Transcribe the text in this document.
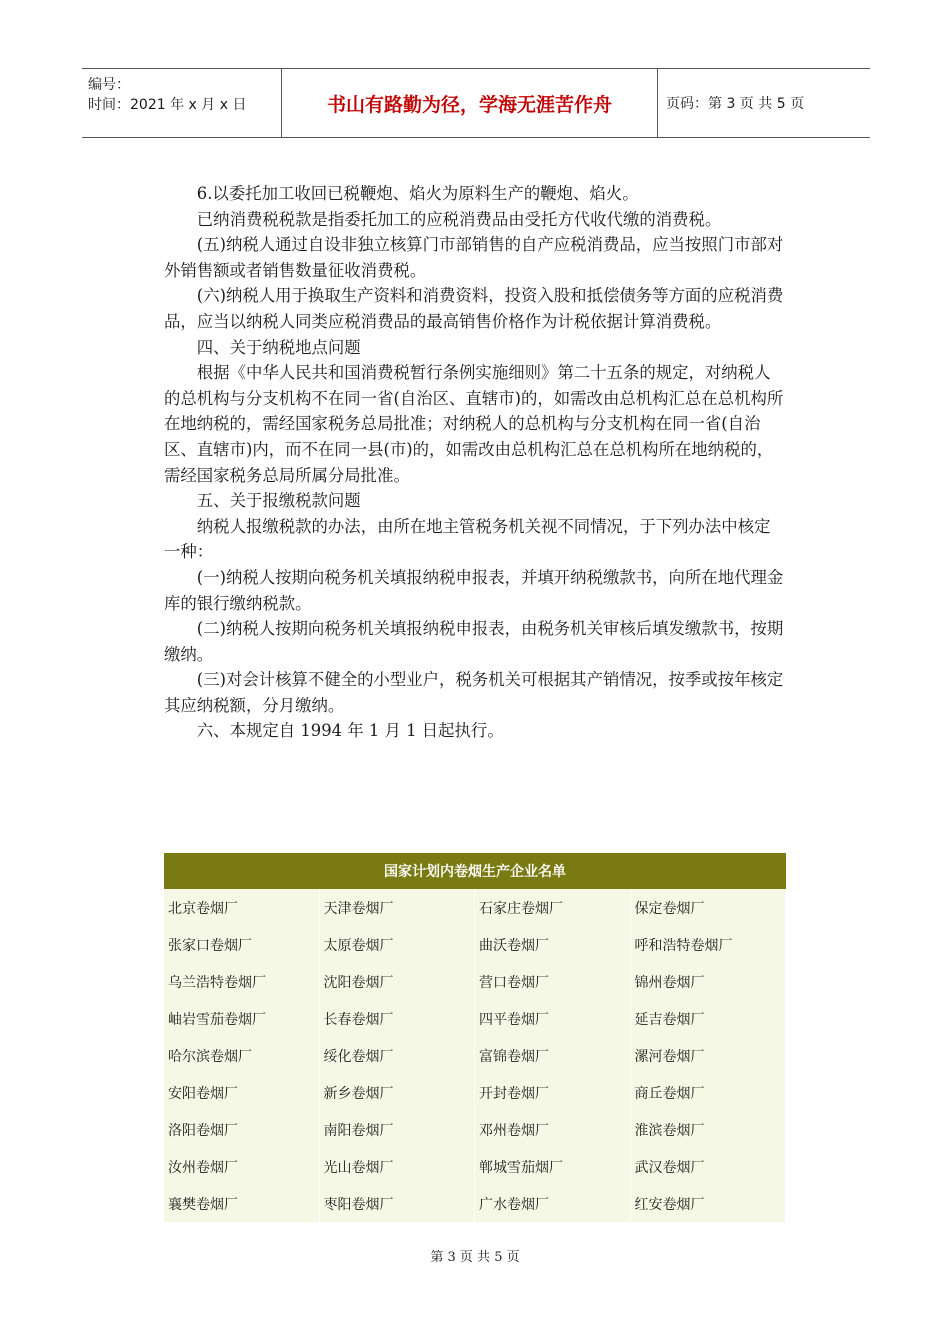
编号：
时间：2021 年 x 月 x 日	书山有路勤为径，学海无涯苦作舟	页码：第 3 页 共 5 页

6.以委托加工收回已税鞭炮、焰火为原料生产的鞭炮、焰火。

已纳消费税税款是指委托加工的应税消费品由受托方代收代缴的消费税。

(五)纳税人通过自设非独立核算门市部销售的自产应税消费品，应当按照门市部对外销售额或者销售数量征收消费税。

(六)纳税人用于换取生产资料和消费资料，投资入股和抵偿债务等方面的应税消费品，应当以纳税人同类应税消费品的最高销售价格作为计税依据计算消费税。

四、关于纳税地点问题

根据《中华人民共和国消费税暂行条例实施细则》第二十五条的规定，对纳税人的总机构与分支机构不在同一省(自治区、直辖市)的，如需改由总机构汇总在总机构所在地纳税的，需经国家税务总局批准；对纳税人的总机构与分支机构在同一省(自治区、直辖市)内，而不在同一县(市)的，如需改由总机构汇总在总机构所在地纳税的，需经国家税务总局所属分局批准。

五、关于报缴税款问题

纳税人报缴税款的办法，由所在地主管税务机关视不同情况，于下列办法中核定一种：

(一)纳税人按期向税务机关填报纳税申报表，并填开纳税缴款书，向所在地代理金库的银行缴纳税款。

(二)纳税人按期向税务机关填报纳税申报表，由税务机关审核后填发缴款书，按期缴纳。

(三)对会计核算不健全的小型业户，税务机关可根据其产销情况，按季或按年核定其应纳税额，分月缴纳。

六、本规定自 1994 年 1 月 1 日起执行。

国家计划内卷烟生产企业名单
北京卷烟厂	天津卷烟厂	石家庄卷烟厂	保定卷烟厂
张家口卷烟厂	太原卷烟厂	曲沃卷烟厂	呼和浩特卷烟厂
乌兰浩特卷烟厂	沈阳卷烟厂	营口卷烟厂	锦州卷烟厂
岫岩雪茄卷烟厂	长春卷烟厂	四平卷烟厂	延吉卷烟厂
哈尔滨卷烟厂	绥化卷烟厂	富锦卷烟厂	漯河卷烟厂
安阳卷烟厂	新乡卷烟厂	开封卷烟厂	商丘卷烟厂
洛阳卷烟厂	南阳卷烟厂	邓州卷烟厂	淮滨卷烟厂
汝州卷烟厂	光山卷烟厂	郸城雪茄烟厂	武汉卷烟厂
襄樊卷烟厂	枣阳卷烟厂	广水卷烟厂	红安卷烟厂
第 3 页 共 5 页
